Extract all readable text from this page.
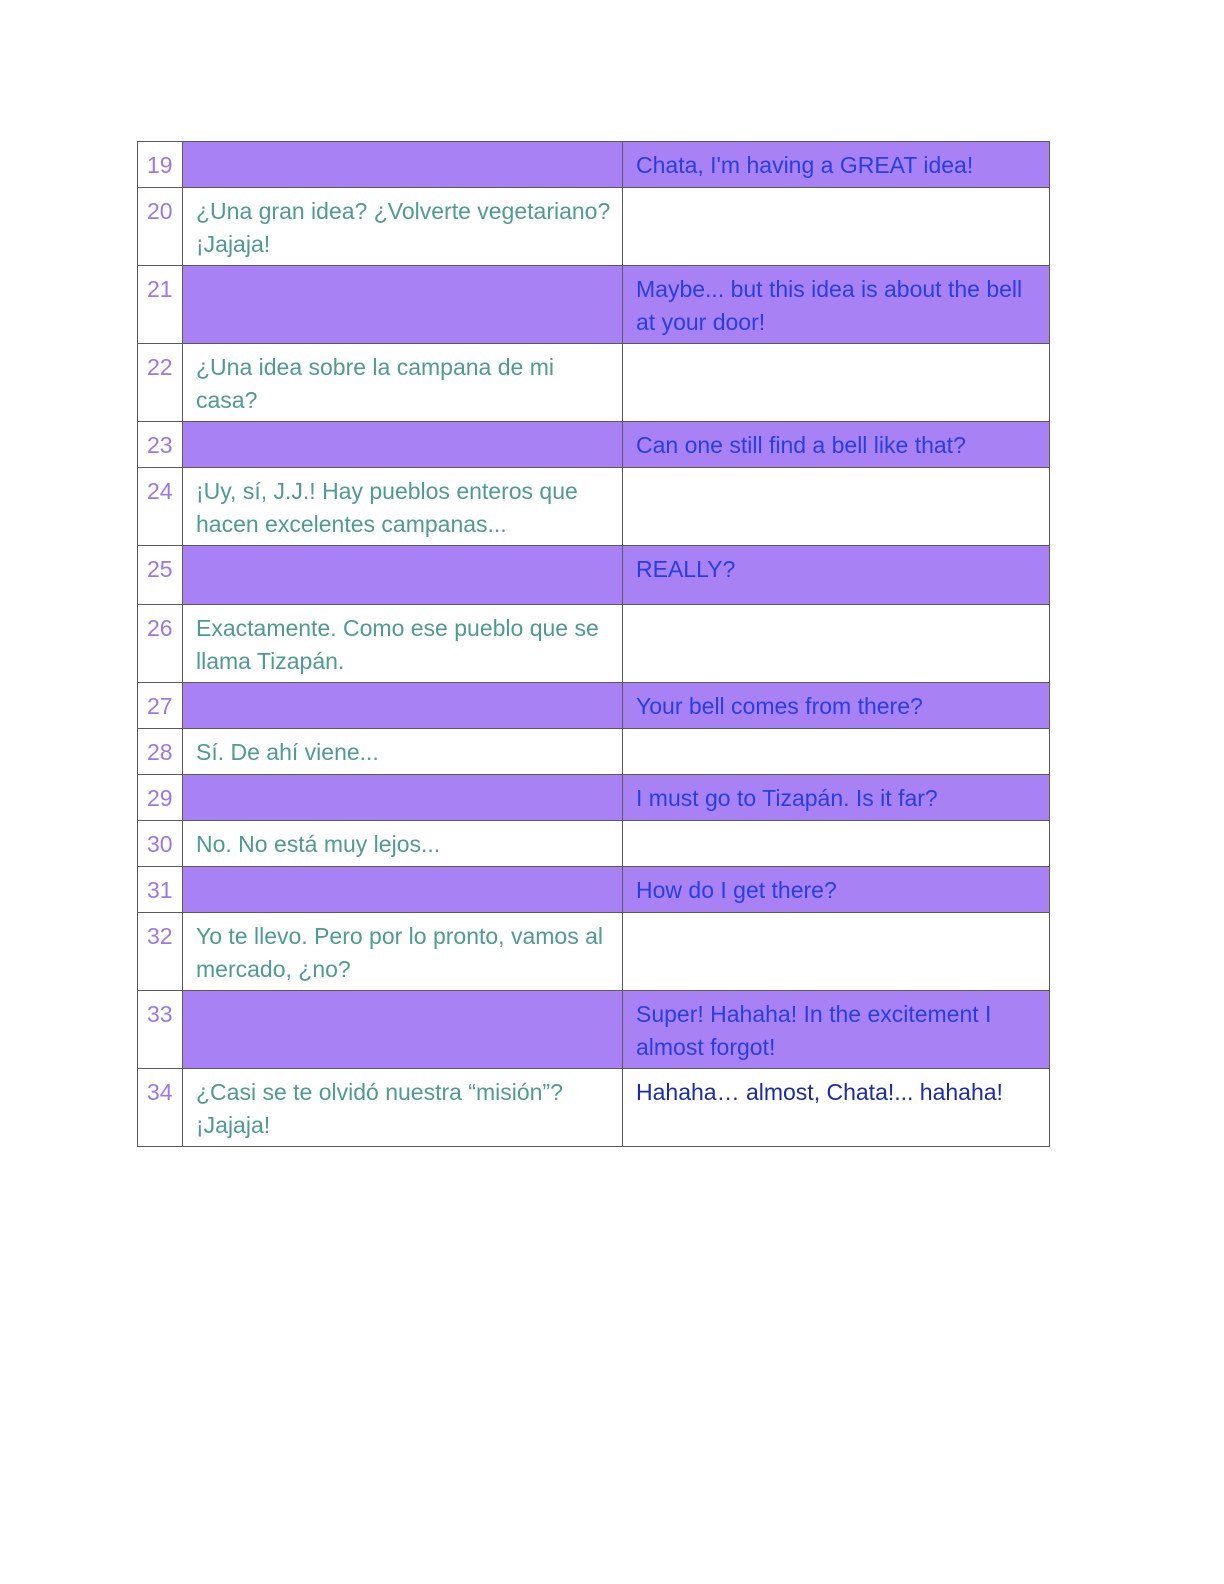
19		Chata, I'm having a GREAT idea!
20	¿Una gran idea? ¿Volverte vegetariano? ¡Jajaja!	
21		Maybe... but this idea is about the bell at your door!
22	¿Una idea sobre la campana de mi casa?	
23		Can one still find a bell like that?
24	¡Uy, sí, J.J.! Hay pueblos enteros que hacen excelentes campanas...	
25		REALLY?
26	Exactamente. Como ese pueblo que se llama Tizapán.	
27		Your bell comes from there?
28	Sí. De ahí viene...	
29		I must go to Tizapán. Is it far?
30	No. No está muy lejos...	
31		How do I get there?
32	Yo te llevo. Pero por lo pronto, vamos al mercado, ¿no?	
33		Super! Hahaha! In the excitement I almost forgot!
34	¿Casi se te olvidó nuestra “misión”? ¡Jajaja!	Hahaha… almost, Chata!... hahaha!
